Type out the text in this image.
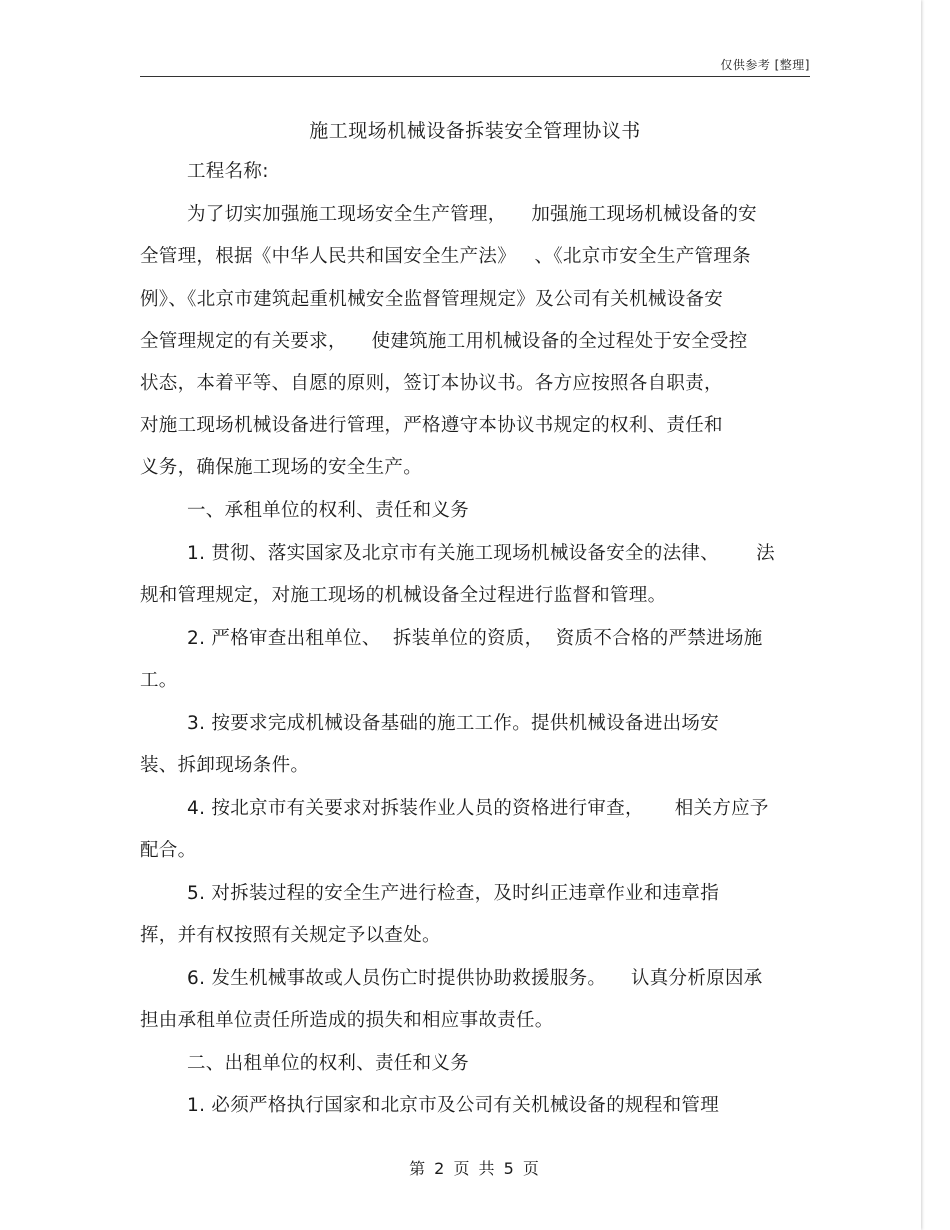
仅供参考 [整理]
施工现场机械设备拆装安全管理协议书
工程名称:
为了切实加强施工现场安全生产管理，    加强施工现场机械设备的安
全管理，根据《中华人民共和国安全生产法》   、《北京市安全生产管理条
例》、《北京市建筑起重机械安全监督管理规定》及公司有关机械设备安
全管理规定的有关要求，    使建筑施工用机械设备的全过程处于安全受控
状态，本着平等、自愿的原则，签订本协议书。各方应按照各自职责，
对施工现场机械设备进行管理，严格遵守本协议书规定的权利、责任和
义务，确保施工现场的安全生产。
一、承租单位的权利、责任和义务
1. 贯彻、落实国家及北京市有关施工现场机械设备安全的法律、      法
规和管理规定，对施工现场的机械设备全过程进行监督和管理。
2. 严格审查出租单位、  拆装单位的资质，  资质不合格的严禁进场施
工。
3. 按要求完成机械设备基础的施工工作。提供机械设备进出场安
装、拆卸现场条件。
4. 按北京市有关要求对拆装作业人员的资格进行审查，     相关方应予
配合。
5. 对拆装过程的安全生产进行检查，及时纠正违章作业和违章指
挥，并有权按照有关规定予以查处。
6. 发生机械事故或人员伤亡时提供协助救援服务。    认真分析原因承
担由承租单位责任所造成的损失和相应事故责任。
二、出租单位的权利、责任和义务
1. 必须严格执行国家和北京市及公司有关机械设备的规程和管理
第 2 页 共 5 页
